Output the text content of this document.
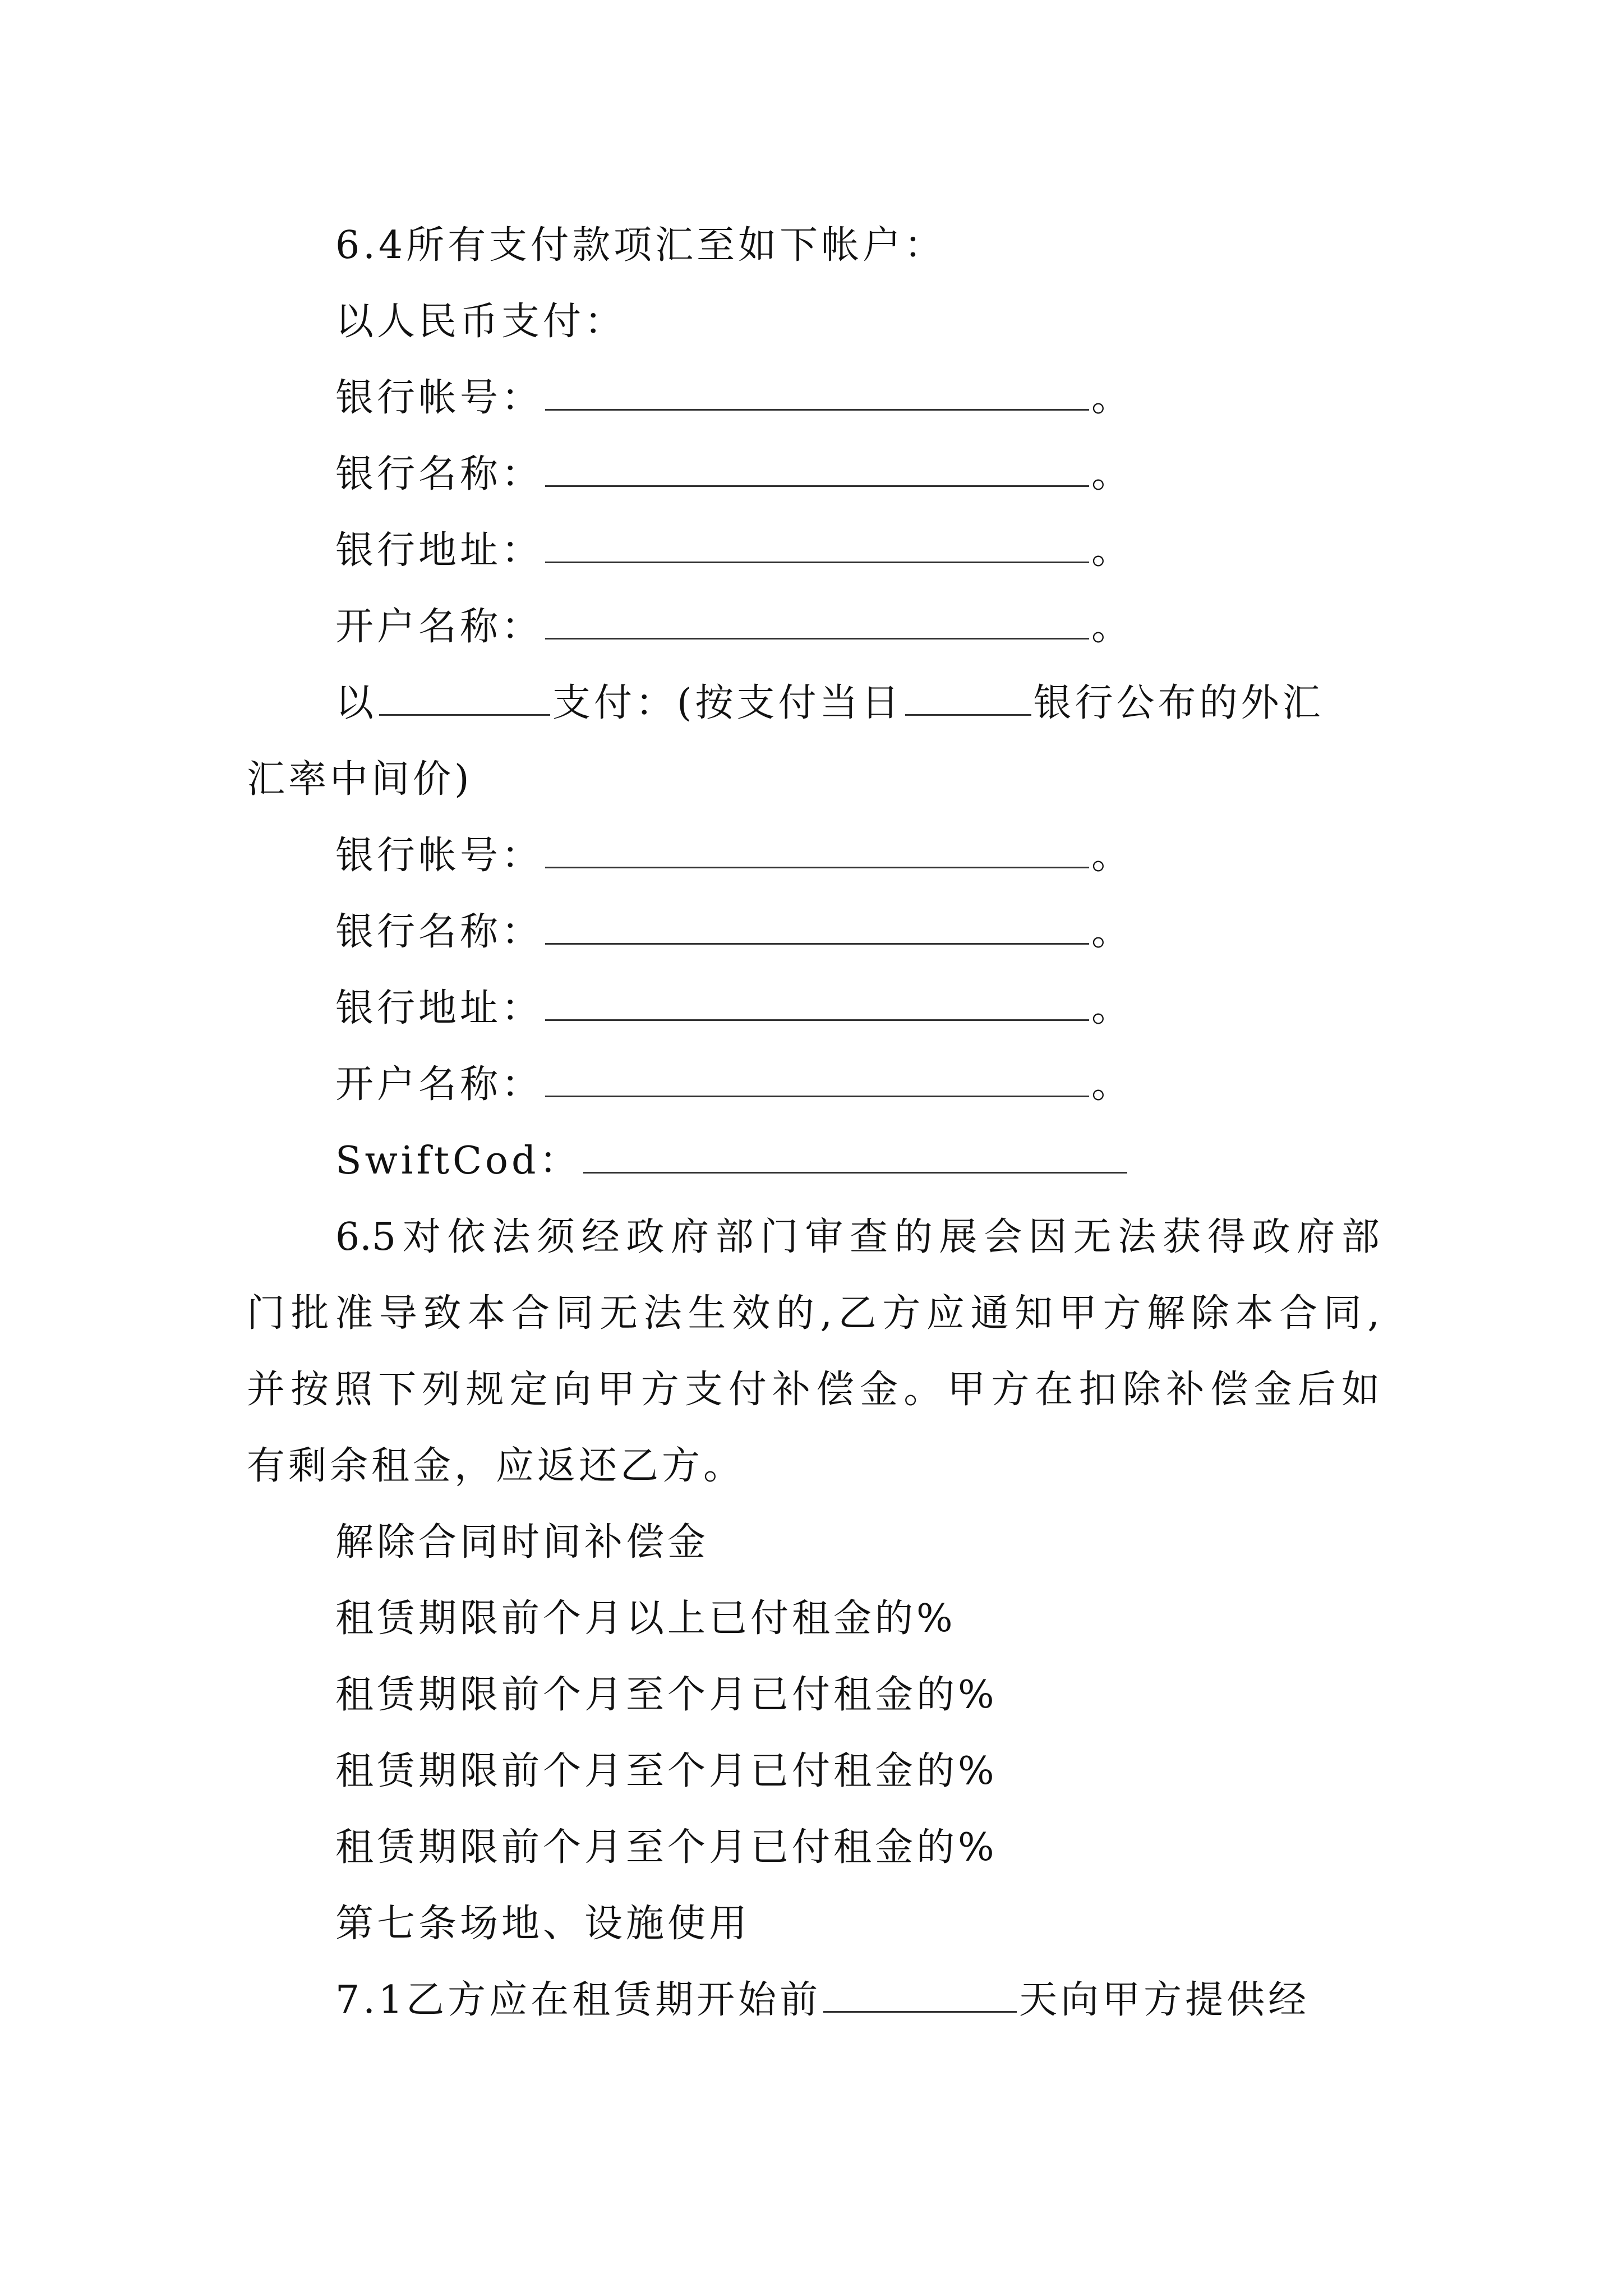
6.4所有支付款项汇至如下帐户：
以人民币支付：
银行帐号：	。
银行名称：	。
银行地址：	。
开户名称：	。
以	支付：(按支付当日	银行公布的外汇
汇率中间价)
银行帐号：	。
银行名称：	。
银行地址：	。
开户名称：	。
SwiftCod：
6.5对依法须经政府部门审查的展会因无法获得政府部
门批准导致本合同无法生效的,乙方应通知甲方解除本合同,
并按照下列规定向甲方支付补偿金。甲方在扣除补偿金后如
有剩余租金，应返还乙方。
解除合同时间补偿金
租赁期限前个月以上已付租金的%
租赁期限前个月至个月已付租金的%
租赁期限前个月至个月已付租金的%
租赁期限前个月至个月已付租金的%
第七条场地、设施使用
7.1乙方应在租赁期开始前	天向甲方提供经
